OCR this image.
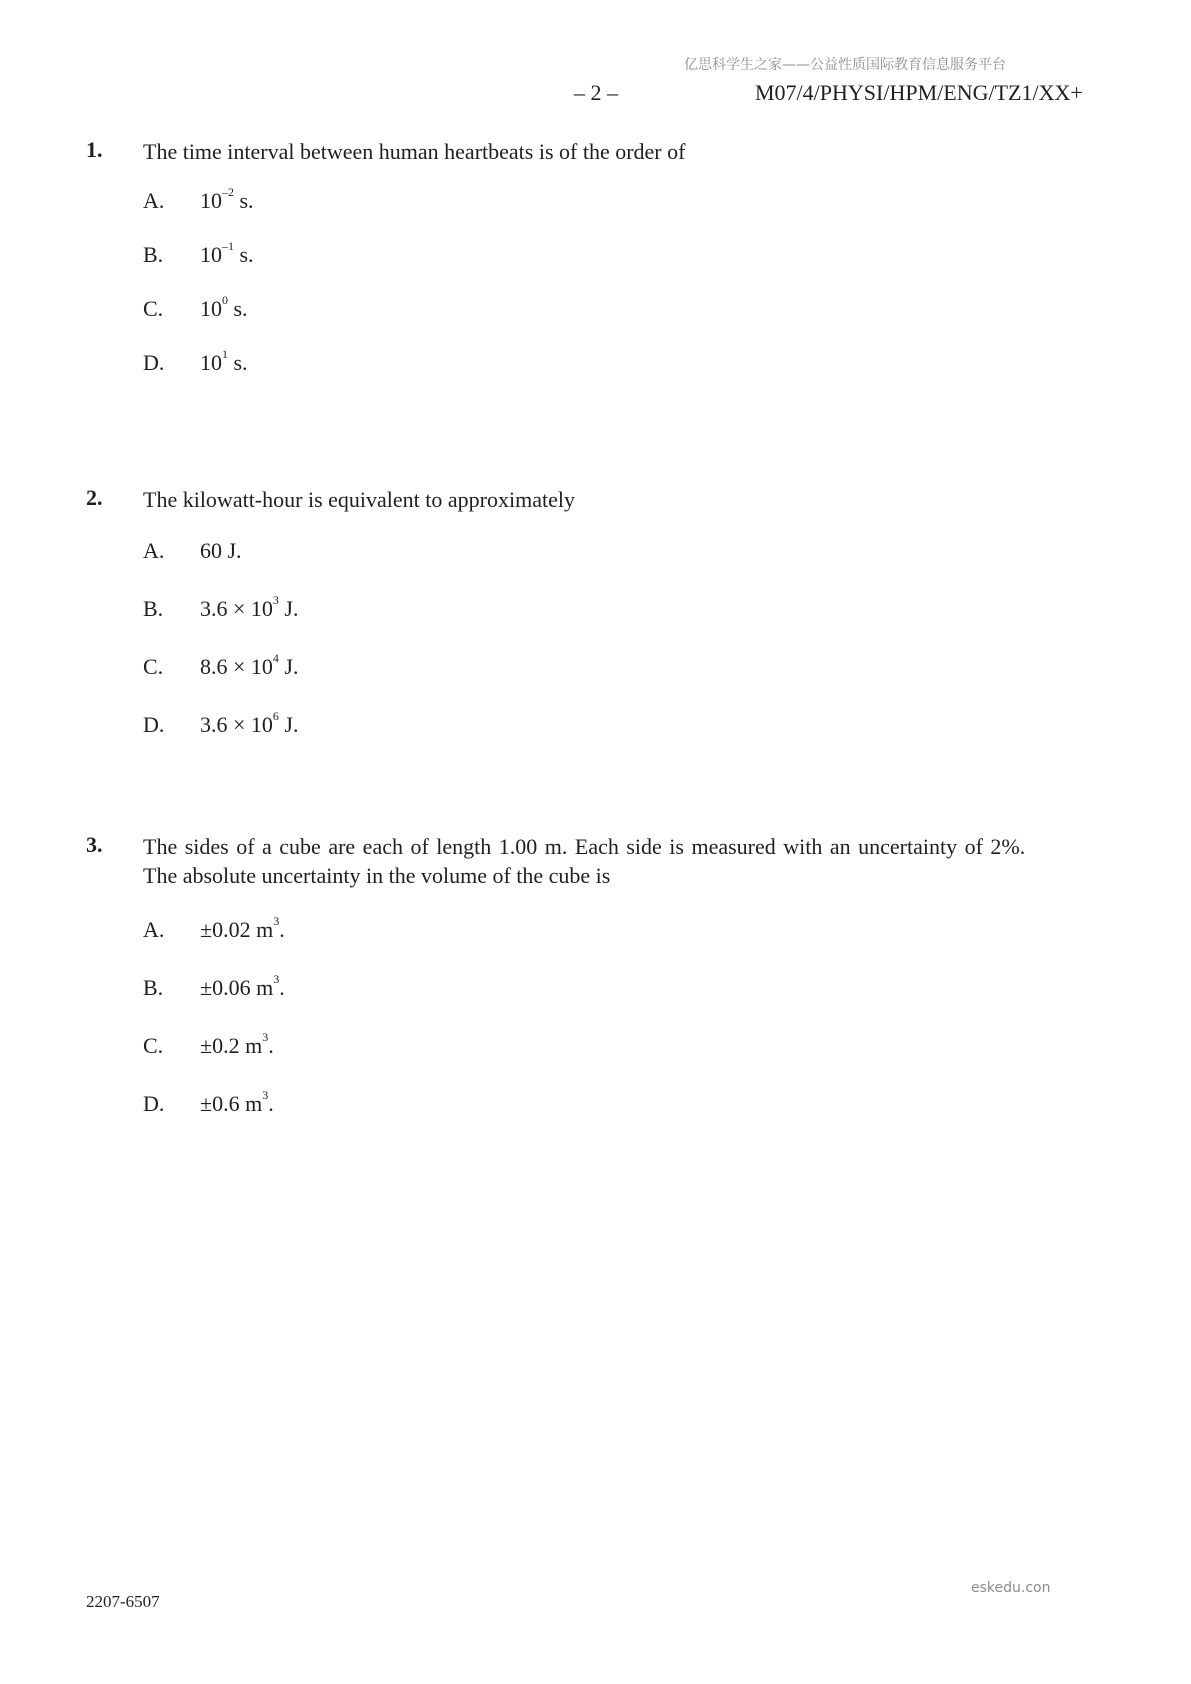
亿思科学生之家——公益性质国际教育信息服务平台
– 2 –	M07/4/PHYSI/HPM/ENG/TZ1/XX+
1. The time interval between human heartbeats is of the order of

A. $10^{-2}$ s.
B. $10^{-1}$ s.
C. $10^0$ s.
D. $10^1$ s.
2. The kilowatt-hour is equivalent to approximately

A. 60 J.
B. $3.6 \times 10^3$ J.
C. $8.6 \times 10^4$ J.
D. $3.6 \times 10^6$ J.
3. The sides of a cube are each of length 1.00 m. Each side is measured with an uncertainty of 2%.

The absolute uncertainty in the volume of the cube is

A. ±0.02 $m^3$.
B. ±0.06 $m^3$.
C. ±0.2 $m^3$.
D. ±0.6 $m^3$.
eskedu.con
2207-6507
